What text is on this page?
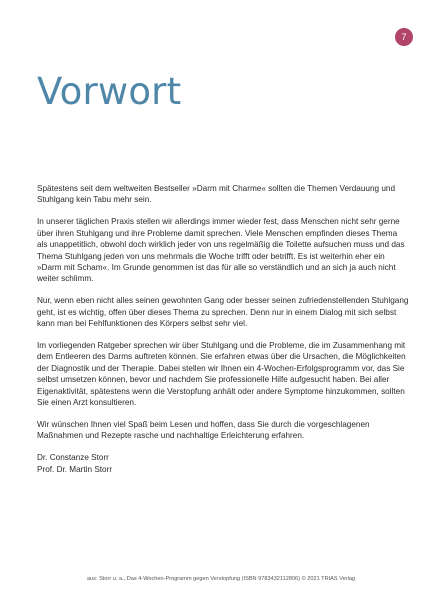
7
Vorwort

Spätestens seit dem weltweiten Bestseller »Darm mit Charme« sollten die Themen Verdauung und Stuhlgang kein Tabu mehr sein.

In unserer täglichen Praxis stellen wir allerdings immer wieder fest, dass Menschen nicht sehr gerne über ihren Stuhlgang und ihre Probleme damit sprechen. Viele Menschen empfinden dieses Thema als unappetitlich, obwohl doch wirklich jeder von uns regelmäßig die Toilette aufsuchen muss und das Thema Stuhlgang jeden von uns mehrmals die Woche trifft oder betrifft. Es ist weiterhin eher ein »Darm mit Scham«. Im Grunde genommen ist das für alle so verständlich und an sich ja auch nicht weiter schlimm.

Nur, wenn eben nicht alles seinen gewohnten Gang oder besser seinen zufriedenstellenden Stuhlgang geht, ist es wichtig, offen über dieses Thema zu sprechen. Denn nur in einem Dialog mit sich selbst kann man bei Fehlfunktionen des Körpers selbst sehr viel.

Im vorliegenden Ratgeber sprechen wir über Stuhlgang und die Probleme, die im Zusammenhang mit dem Entleeren des Darms auftreten können. Sie erfahren etwas über die Ursachen, die Möglichkeiten der Diagnostik und der Therapie. Dabei stellen wir Ihnen ein 4-Wochen-Erfolgsprogramm vor, das Sie selbst umsetzen können, bevor und nachdem Sie professionelle Hilfe aufgesucht haben. Bei aller Eigenaktivität, spätestens wenn die Verstopfung anhält oder andere Symptome hinzukommen, sollten Sie einen Arzt konsultieren.

Wir wünschen Ihnen viel Spaß beim Lesen und hoffen, dass Sie durch die vorgeschlagenen Maßnahmen und Rezepte rasche und nachhaltige Erleichterung erfahren.

Dr. Constanze Storr
Prof. Dr. Martin Storr
aus: Storr u. a., Das 4-Wochen-Programm gegen Verstopfung (ISBN 9783432112806) © 2021 TRIAS Verlag
